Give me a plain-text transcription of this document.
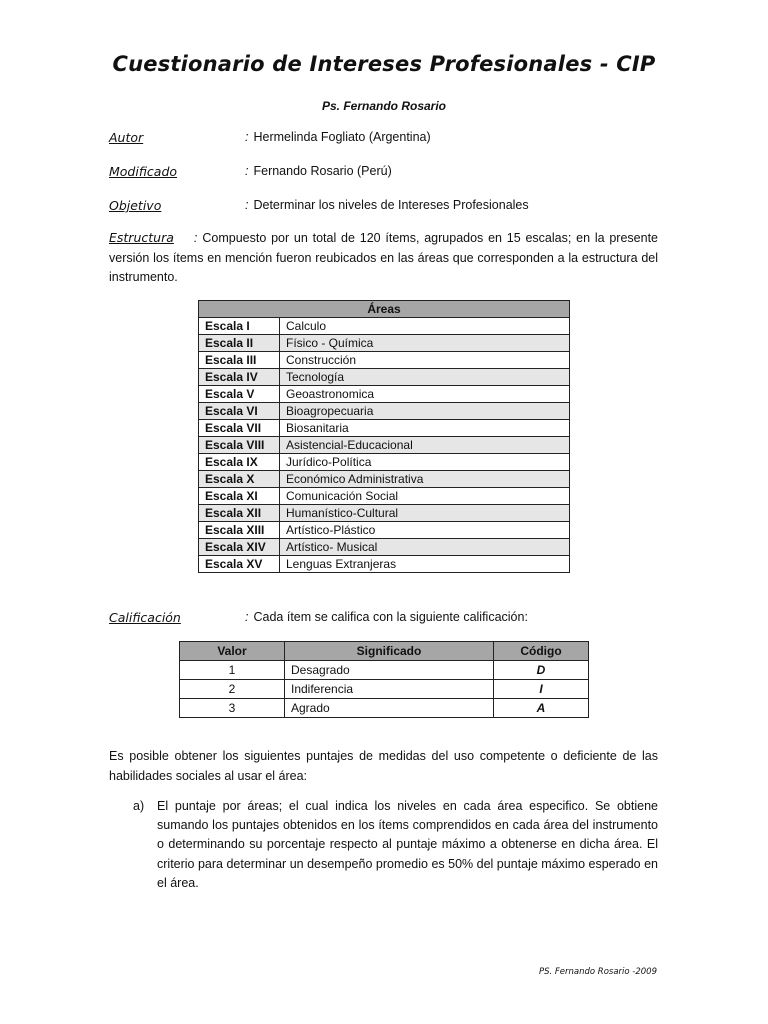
Cuestionario de Intereses Profesionales - CIP
Ps. Fernando Rosario
Autor	: Hermelinda Fogliato (Argentina)
Modificado	: Fernando Rosario (Perú)
Objetivo	: Determinar los niveles de Intereses Profesionales
Estructura : Compuesto por un total de 120 ítems, agrupados en 15 escalas; en la presente versión los ítems en mención fueron reubicados en las áreas que corresponden a la estructura del instrumento.
Áreas	
Escala I	Calculo
Escala II	Físico - Química
Escala III	Construcción
Escala IV	Tecnología
Escala V	Geoastronomica
Escala VI	Bioagropecuaria
Escala VII	Biosanitaria
Escala VIII	Asistencial-Educacional
Escala IX	Jurídico-Política
Escala X	Económico Administrativa
Escala XI	Comunicación Social
Escala XII	Humanístico-Cultural
Escala XIII	Artístico-Plástico
Escala XIV	Artístico- Musical
Escala XV	Lenguas Extranjeras
Calificación	: Cada ítem se califica con la siguiente calificación:
Valor	Significado	Código
1	Desagrado	D
2	Indiferencia	I
3	Agrado	A
Es posible obtener los siguientes puntajes de medidas del uso competente o deficiente de las habilidades sociales al usar el área:
a) El puntaje por áreas; el cual indica los niveles en cada área especifico. Se obtiene sumando los puntajes obtenidos en los ítems comprendidos en cada área del instrumento o determinando su porcentaje respecto al puntaje máximo a obtenerse en dicha área. El criterio para determinar un desempeño promedio es 50% del puntaje máximo esperado en el área.
PS. Fernando Rosario -2009
